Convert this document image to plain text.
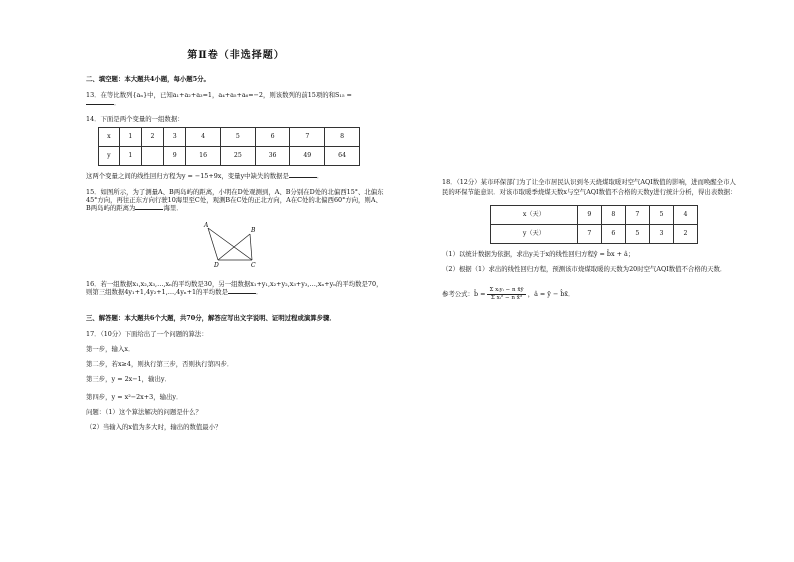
第Ⅱ卷（非选择题）
二、填空题：本大题共4小题，每小题5分。
13．在等比数列{aₙ}中，已知a₁+a₂+a₃=1，a₄+a₅+a₆=−2，则该数列的前15项的和S₁₅ =
．
14．下面是两个变量的一组数据：
x	1	2	3	4	5	6	7	8
y	1		9	16	25	36	49	64
这两个变量之间的线性回归方程为y = −15+9x，变量y中缺失的数据是	．
15．如图所示，为了测量A、B两岛屿的距离，小明在D处观测到，A、B分别在D处的北偏西15°、北偏东45°方向，再往正东方向行驶10海里至C处，观测B在C处的正北方向，A在C处的北偏西60°方向，则A、B两岛屿的距离为	海里．
A
B
C
D
16．若一组数据x₁,x₂,x₃,…,xₙ的平均数是30，另一组数据x₁+y₁,x₂+y₂,x₃+y₃,…,xₙ+yₙ的平均数是70，则第三组数据4y₁+1,4y₂+1,…,4yₙ+1的平均数是	．
三、解答题：本大题共6个大题，共70分，解答应写出文字说明、证明过程或演算步骤．
17．（10分）下面给出了一个问题的算法：
第一步，输入x．
第二步，若x≥4，则执行第三步，否则执行第四步．
第三步，y = 2x−1，输出y．
第四步，y = x²−2x+3，输出y．
问题：（1）这个算法解决的问题是什么？
（2）当输入的x值为多大时，输出的数值最小？
18．（12分）某市环保部门为了让全市居民认识到冬天烧煤取暖对空气AQI数值的影响，进而唤醒全市人民的环保节能意识．对该市取暖季烧煤天数x与空气AQI数值不合格的天数y进行统计分析，得出表数据：
x（天）	9	8	7	5	4
y（天）	7	6	5	3	2
（1）以统计数据为依据，求出y关于x的线性回归方程ŷ = b̂x + â；
（2）根据（1）求出的线性回归方程，预测该市烧煤取暖的天数为20时空气AQI数值不合格的天数．
参考公式：b̂ = $\frac{\text{Σ xᵢyᵢ − n x̄ȳ}}{\text{Σ xᵢ² − n x̄²}}$ ，â = ȳ − b̂x̄．
